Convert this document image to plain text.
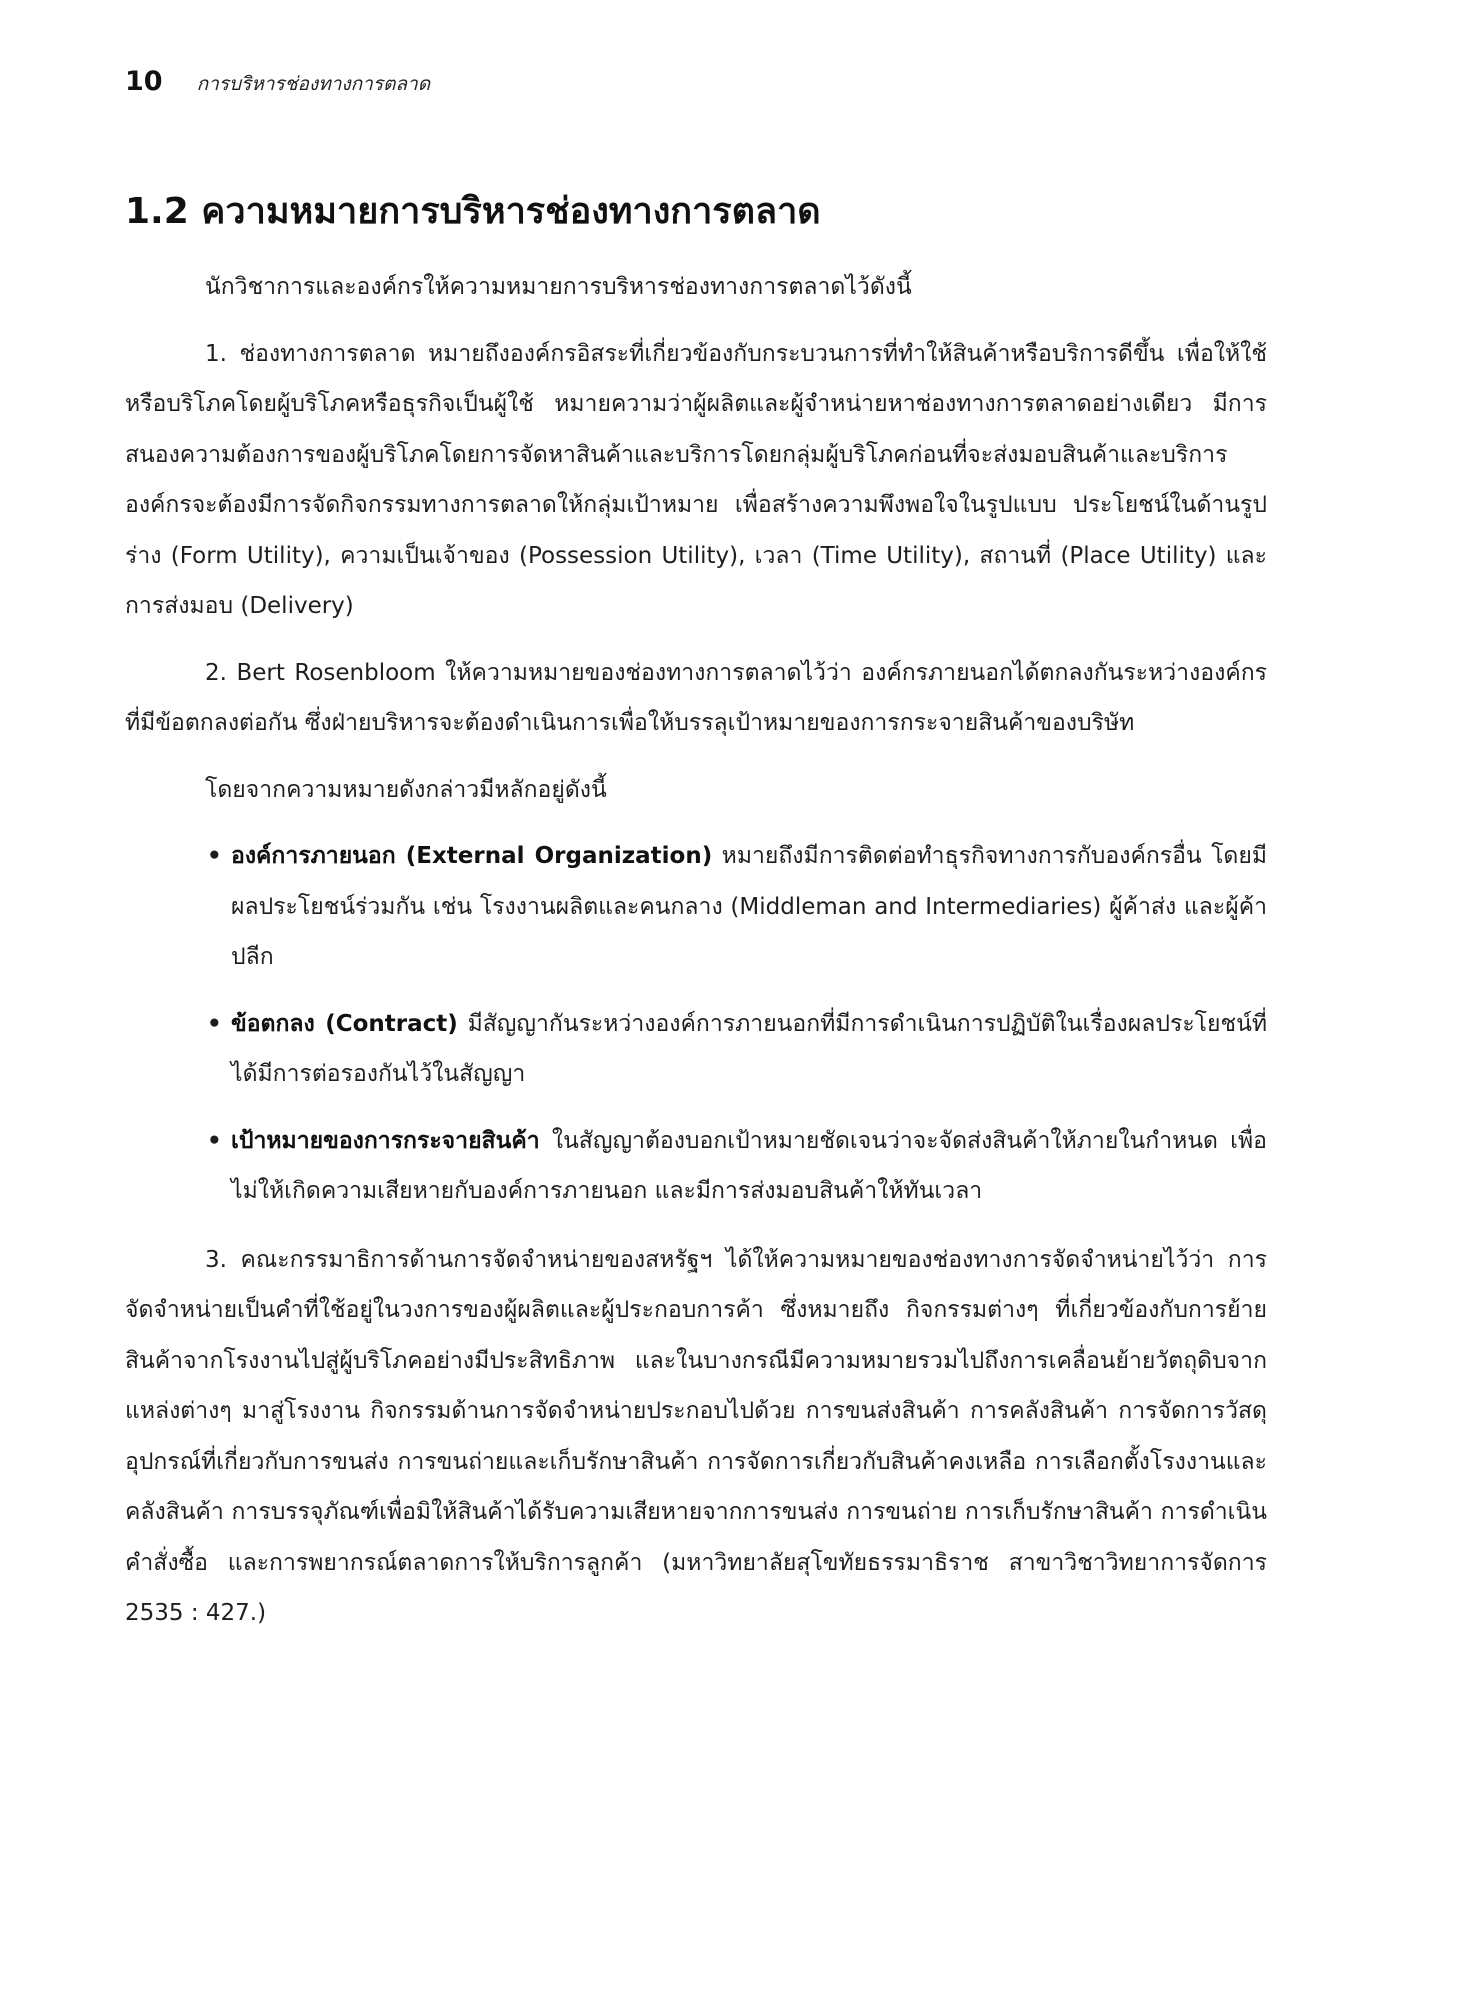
10 การบริหารช่องทางการตลาด
1.2 ความหมายการบริหารช่องทางการตลาด

นักวิชาการและองค์กรให้ความหมายการบริหารช่องทางการตลาดไว้ดังนี้

1. ช่องทางการตลาด หมายถึงองค์กรอิสระที่เกี่ยวข้องกับกระบวนการที่ทำให้สินค้าหรือบริการดีขึ้น เพื่อให้ใช้หรือบริโภคโดยผู้บริโภคหรือธุรกิจเป็นผู้ใช้ หมายความว่าผู้ผลิตและผู้จำหน่ายหาช่องทางการตลาดอย่างเดียว มีการสนองความต้องการของผู้บริโภคโดยการจัดหาสินค้าและบริการโดยกลุ่มผู้บริโภคก่อนที่จะส่งมอบสินค้าและบริการ องค์กรจะต้องมีการจัดกิจกรรมทางการตลาดให้กลุ่มเป้าหมาย เพื่อสร้างความพึงพอใจในรูปแบบ ประโยชน์ในด้านรูปร่าง (Form Utility), ความเป็นเจ้าของ (Possession Utility), เวลา (Time Utility), สถานที่ (Place Utility) และการส่งมอบ (Delivery)

2. Bert Rosenbloom ให้ความหมายของช่องทางการตลาดไว้ว่า องค์กรภายนอกได้ตกลงกันระหว่างองค์กรที่มีข้อตกลงต่อกัน ซึ่งฝ่ายบริหารจะต้องดำเนินการเพื่อให้บรรลุเป้าหมายของการกระจายสินค้าของบริษัท

โดยจากความหมายดังกล่าวมีหลักอยู่ดังนี้

• องค์การภายนอก (External Organization) หมายถึงมีการติดต่อทำธุรกิจทางการกับองค์กรอื่น โดยมีผลประโยชน์ร่วมกัน เช่น โรงงานผลิตและคนกลาง (Middleman and Intermediaries) ผู้ค้าส่ง และผู้ค้าปลีก
• ข้อตกลง (Contract) มีสัญญากันระหว่างองค์การภายนอกที่มีการดำเนินการปฏิบัติในเรื่องผลประโยชน์ที่ได้มีการต่อรองกันไว้ในสัญญา
• เป้าหมายของการกระจายสินค้า ในสัญญาต้องบอกเป้าหมายชัดเจนว่าจะจัดส่งสินค้าให้ภายในกำหนด เพื่อไม่ให้เกิดความเสียหายกับองค์การภายนอก และมีการส่งมอบสินค้าให้ทันเวลา

3. คณะกรรมาธิการด้านการจัดจำหน่ายของสหรัฐฯ ได้ให้ความหมายของช่องทางการจัดจำหน่ายไว้ว่า การจัดจำหน่ายเป็นคำที่ใช้อยู่ในวงการของผู้ผลิตและผู้ประกอบการค้า ซึ่งหมายถึง กิจกรรมต่างๆ ที่เกี่ยวข้องกับการย้ายสินค้าจากโรงงานไปสู่ผู้บริโภคอย่างมีประสิทธิภาพ และในบางกรณีมีความหมายรวมไปถึงการเคลื่อนย้ายวัตถุดิบจากแหล่งต่างๆ มาสู่โรงงาน กิจกรรมด้านการจัดจำหน่ายประกอบไปด้วย การขนส่งสินค้า การคลังสินค้า การจัดการวัสดุอุปกรณ์ที่เกี่ยวกับการขนส่ง การขนถ่ายและเก็บรักษาสินค้า การจัดการเกี่ยวกับสินค้าคงเหลือ การเลือกตั้งโรงงานและคลังสินค้า การบรรจุภัณฑ์เพื่อมิให้สินค้าได้รับความเสียหายจากการขนส่ง การขนถ่าย การเก็บรักษาสินค้า การดำเนินคำสั่งซื้อ และการพยากรณ์ตลาดการให้บริการลูกค้า (มหาวิทยาลัยสุโขทัยธรรมาธิราช สาขาวิชาวิทยาการจัดการ 2535 : 427.)
